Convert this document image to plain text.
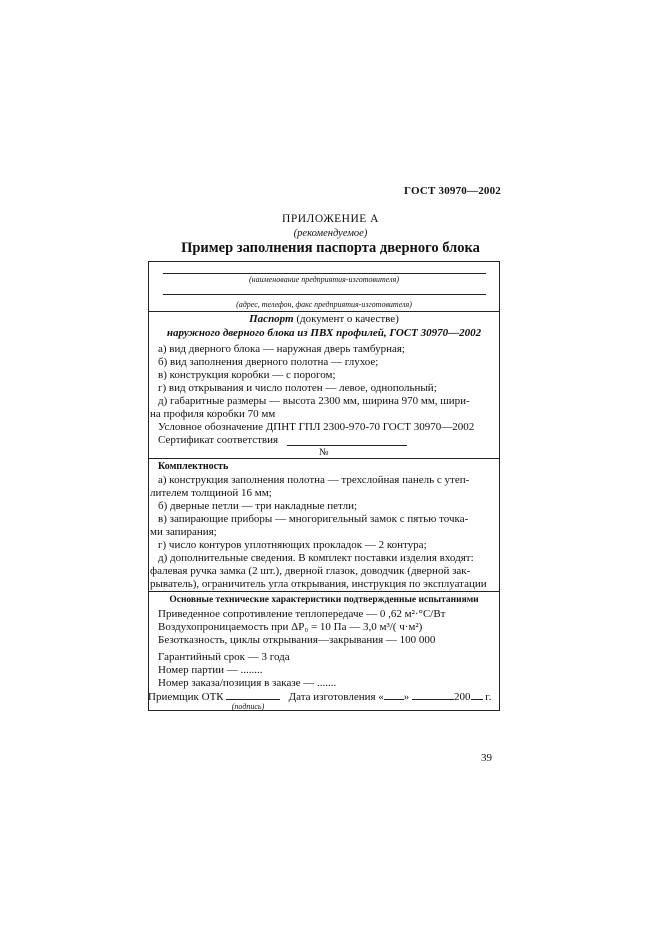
ГОСТ 30970—2002
ПРИЛОЖЕНИЕ А
(рекомендуемое)
Пример заполнения паспорта дверного блока
(наименование предприятия-изготовителя)
(адрес, телефон, факс предприятия-изготовителя)
Паспорт (документ о качестве)
наружного дверного блока из ПВХ профилей, ГОСТ 30970—2002
а) вид дверного блока — наружная дверь тамбурная;
б) вид заполнения дверного полотна — глухое;
в) конструкция коробки — с порогом;
г) вид открывания и число полотен — левое, однопольный;
д) габаритные размеры — высота 2300 мм, ширина 970 мм, шири-
на профиля коробки 70 мм
Условное обозначение ДПНТ ГПЛ 2300-970-70 ГОСТ 30970—2002
Сертификат соответствия
№
Комплектность
а) конструкция заполнения полотна — трехслойная панель с утеп-
лителем толщиной 16 мм;
б) дверные петли — три накладные петли;
в) запирающие приборы — многоригельный замок с пятью точка-
ми запирания;
г) число контуров уплотняющих прокладок — 2 контура;
д) дополнительные сведения. В комплект поставки изделия входят:
фалевая ручка замка (2 шт.), дверной глазок, доводчик (дверной зак-
рыватель), ограничитель угла открывания, инструкция по эксплуатации
Основные технические характеристики подтвержденные испытаниями
Приведенное сопротивление теплопередаче — 0 ,62 м²·°С/Вт
Воздухопроницаемость при ΔP₀ = 10 Па — 3,0 м³/( ч·м²)
Безотказность, циклы открывания—закрывания — 100 000
Гарантийный срок — 3 года
Номер партии — ........
Номер заказа/позиция в заказе — .......
Приемщик ОТК	Дата изготовления « »	200 г.
(подпись)
39
